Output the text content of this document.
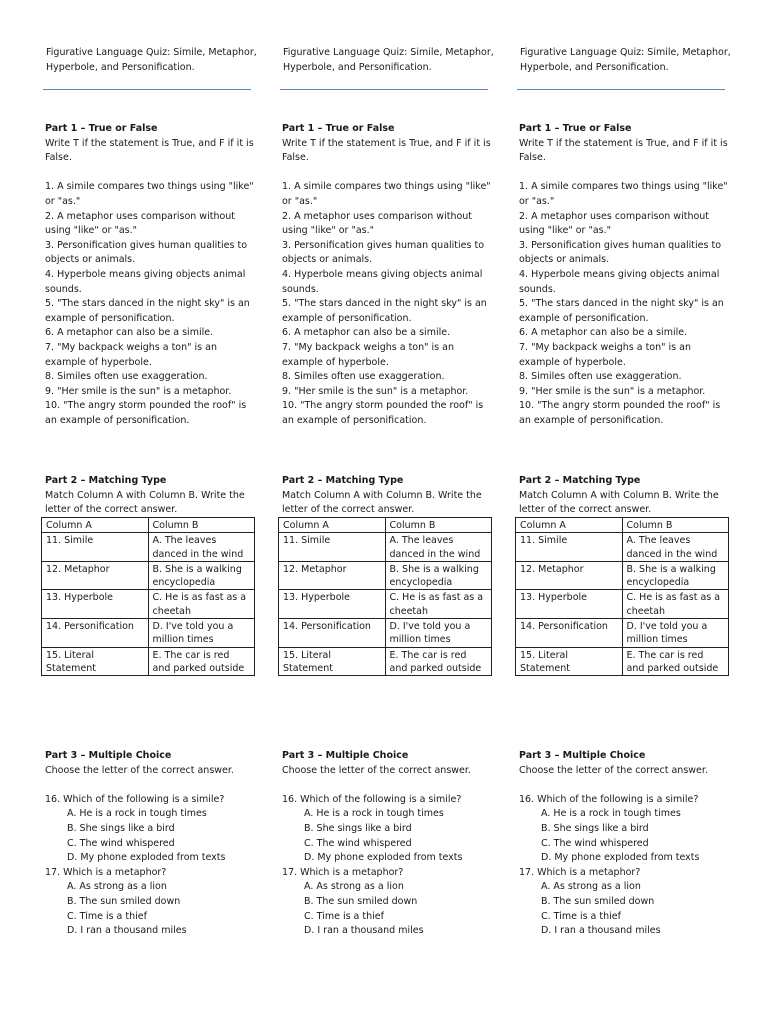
Figurative Language Quiz: Simile, Metaphor, Hyperbole, and Personification.
Part 1 – True or False
Write T if the statement is True, and F if it is False.
1. A simile compares two things using "like" or "as."
2. A metaphor uses comparison without using "like" or "as."
3. Personification gives human qualities to objects or animals.
4. Hyperbole means giving objects animal sounds.
5. "The stars danced in the night sky" is an example of personification.
6. A metaphor can also be a simile.
7. "My backpack weighs a ton" is an example of hyperbole.
8. Similes often use exaggeration.
9. "Her smile is the sun" is a metaphor.
10. "The angry storm pounded the roof" is an example of personification.
Part 2 – Matching Type
Match Column A with Column B. Write the letter of the correct answer.
Column A	Column B
11. Simile	A. The leaves danced in the wind
12. Metaphor	B. She is a walking encyclopedia
13. Hyperbole	C. He is as fast as a cheetah
14. Personification	D. I've told you a million times
15. Literal Statement	E. The car is red and parked outside
Part 3 – Multiple Choice
Choose the letter of the correct answer.
16. Which of the following is a simile?
A. He is a rock in tough times
B. She sings like a bird
C. The wind whispered
D. My phone exploded from texts
17. Which is a metaphor?
A. As strong as a lion
B. The sun smiled down
C. Time is a thief
D. I ran a thousand miles
Figurative Language Quiz: Simile, Metaphor, Hyperbole, and Personification.
Part 1 – True or False
Write T if the statement is True, and F if it is False.
1. A simile compares two things using "like" or "as."
2. A metaphor uses comparison without using "like" or "as."
3. Personification gives human qualities to objects or animals.
4. Hyperbole means giving objects animal sounds.
5. "The stars danced in the night sky" is an example of personification.
6. A metaphor can also be a simile.
7. "My backpack weighs a ton" is an example of hyperbole.
8. Similes often use exaggeration.
9. "Her smile is the sun" is a metaphor.
10. "The angry storm pounded the roof" is an example of personification.
Part 2 – Matching Type
Match Column A with Column B. Write the letter of the correct answer.
Column A	Column B
11. Simile	A. The leaves danced in the wind
12. Metaphor	B. She is a walking encyclopedia
13. Hyperbole	C. He is as fast as a cheetah
14. Personification	D. I've told you a million times
15. Literal Statement	E. The car is red and parked outside
Part 3 – Multiple Choice
Choose the letter of the correct answer.
16. Which of the following is a simile?
A. He is a rock in tough times
B. She sings like a bird
C. The wind whispered
D. My phone exploded from texts
17. Which is a metaphor?
A. As strong as a lion
B. The sun smiled down
C. Time is a thief
D. I ran a thousand miles
Figurative Language Quiz: Simile, Metaphor, Hyperbole, and Personification.
Part 1 – True or False
Write T if the statement is True, and F if it is False.
1. A simile compares two things using "like" or "as."
2. A metaphor uses comparison without using "like" or "as."
3. Personification gives human qualities to objects or animals.
4. Hyperbole means giving objects animal sounds.
5. "The stars danced in the night sky" is an example of personification.
6. A metaphor can also be a simile.
7. "My backpack weighs a ton" is an example of hyperbole.
8. Similes often use exaggeration.
9. "Her smile is the sun" is a metaphor.
10. "The angry storm pounded the roof" is an example of personification.
Part 2 – Matching Type
Match Column A with Column B. Write the letter of the correct answer.
Column A	Column B
11. Simile	A. The leaves danced in the wind
12. Metaphor	B. She is a walking encyclopedia
13. Hyperbole	C. He is as fast as a cheetah
14. Personification	D. I've told you a million times
15. Literal Statement	E. The car is red and parked outside
Part 3 – Multiple Choice
Choose the letter of the correct answer.
16. Which of the following is a simile?
A. He is a rock in tough times
B. She sings like a bird
C. The wind whispered
D. My phone exploded from texts
17. Which is a metaphor?
A. As strong as a lion
B. The sun smiled down
C. Time is a thief
D. I ran a thousand miles
